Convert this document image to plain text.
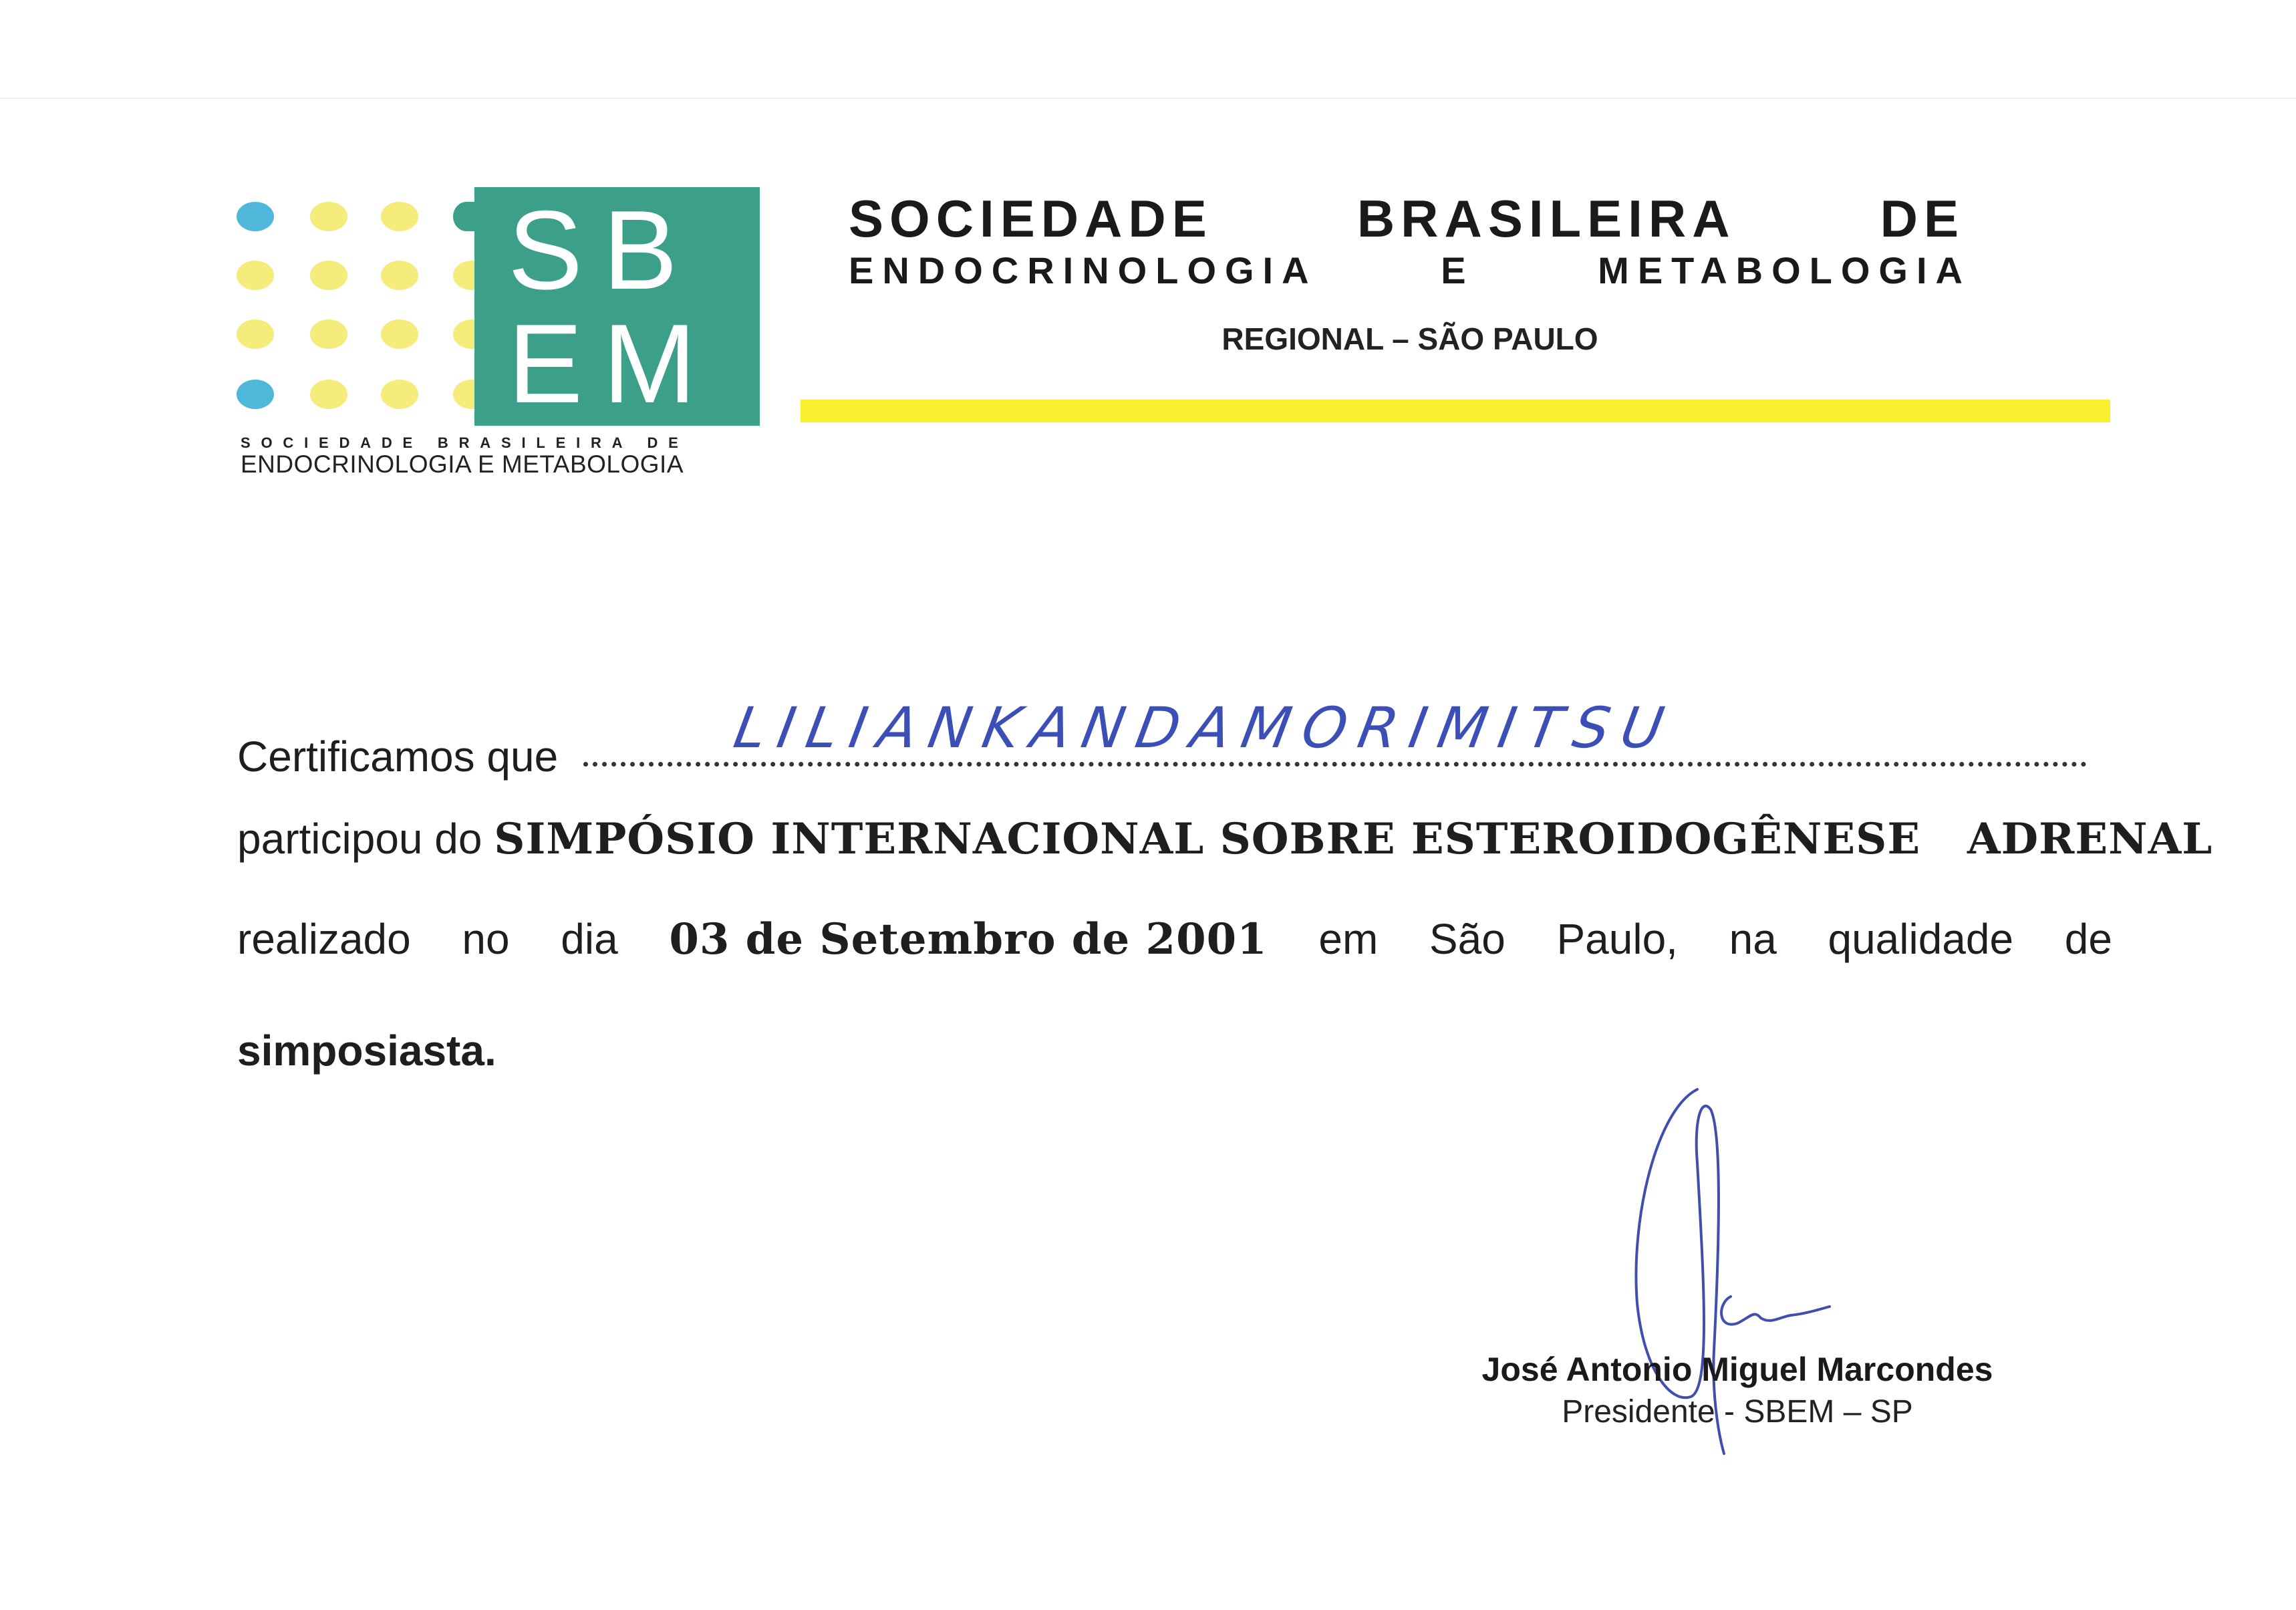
SB

EM

SOCIEDADE BRASILEIRA DE
ENDOCRINOLOGIA E METABOLOGIA
SOCIEDADE	BRASILEIRA	DE
ENDOCRINOLOGIA	E	METABOLOGIA
REGIONAL – SÃO PAULO
Certificamos que	LILIAN
KANDA
MORIMITSU
participou do SIMPÓSIO INTERNACIONAL SOBRE ESTEROIDOGÊNESE   ADRENAL
realizado no dia 03 de Setembro de 2001 em São Paulo, na qualidade de
simposiasta.
José Antonio Miguel Marcondes
Presidente - SBEM – SP
